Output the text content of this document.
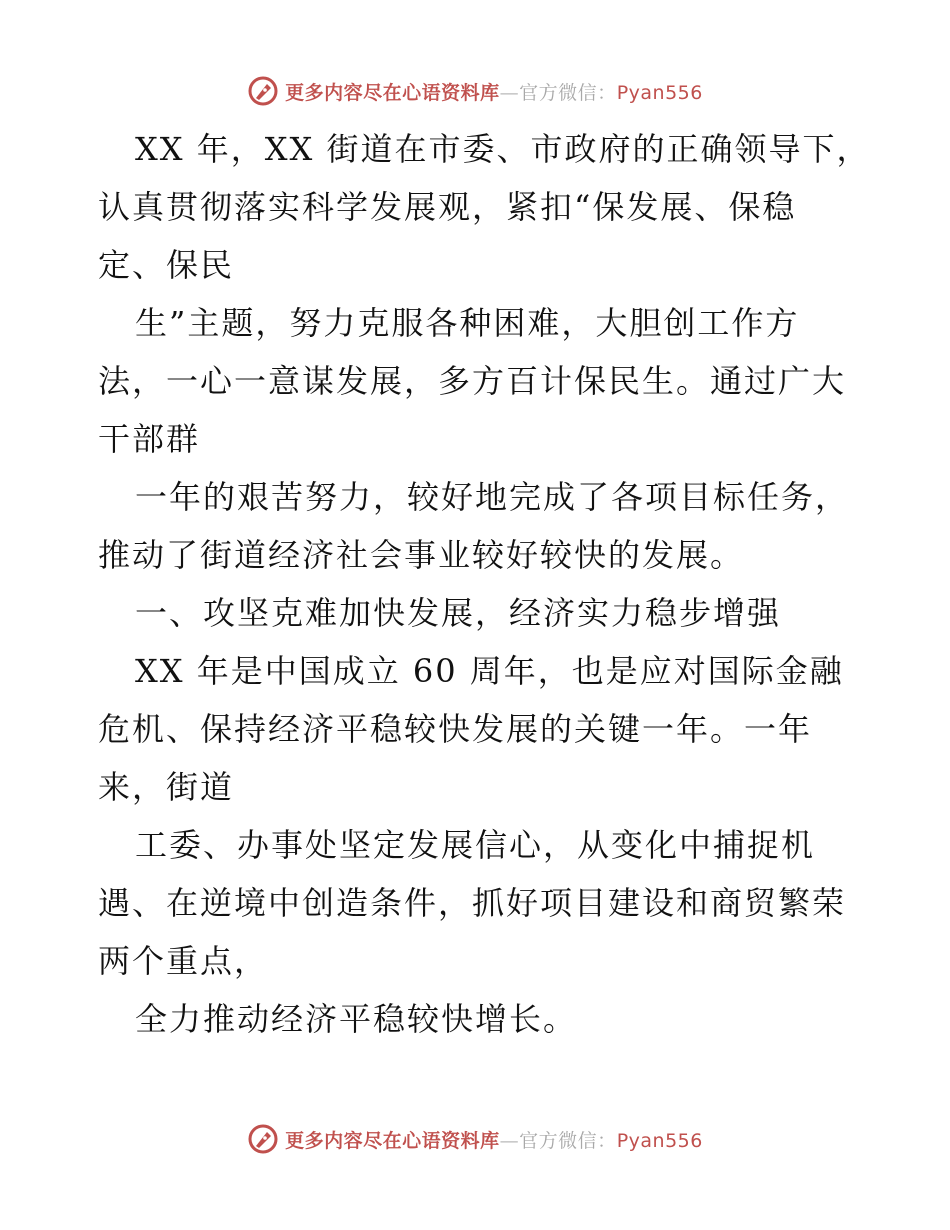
更多内容尽在心语资料库—官方微信：Pyan556
XX 年，XX 街道在市委、市政府的正确领导下，
认真贯彻落实科学发展观，紧扣“保发展、保稳
定、保民
生”主题，努力克服各种困难，大胆创工作方
法，一心一意谋发展，多方百计保民生。通过广大
干部群
一年的艰苦努力，较好地完成了各项目标任务，
推动了街道经济社会事业较好较快的发展。
一、攻坚克难加快发展，经济实力稳步增强
XX 年是中国成立 60 周年，也是应对国际金融
危机、保持经济平稳较快发展的关键一年。一年
来，街道
工委、办事处坚定发展信心，从变化中捕捉机
遇、在逆境中创造条件，抓好项目建设和商贸繁荣
两个重点，
全力推动经济平稳较快增长。
更多内容尽在心语资料库—官方微信：Pyan556
